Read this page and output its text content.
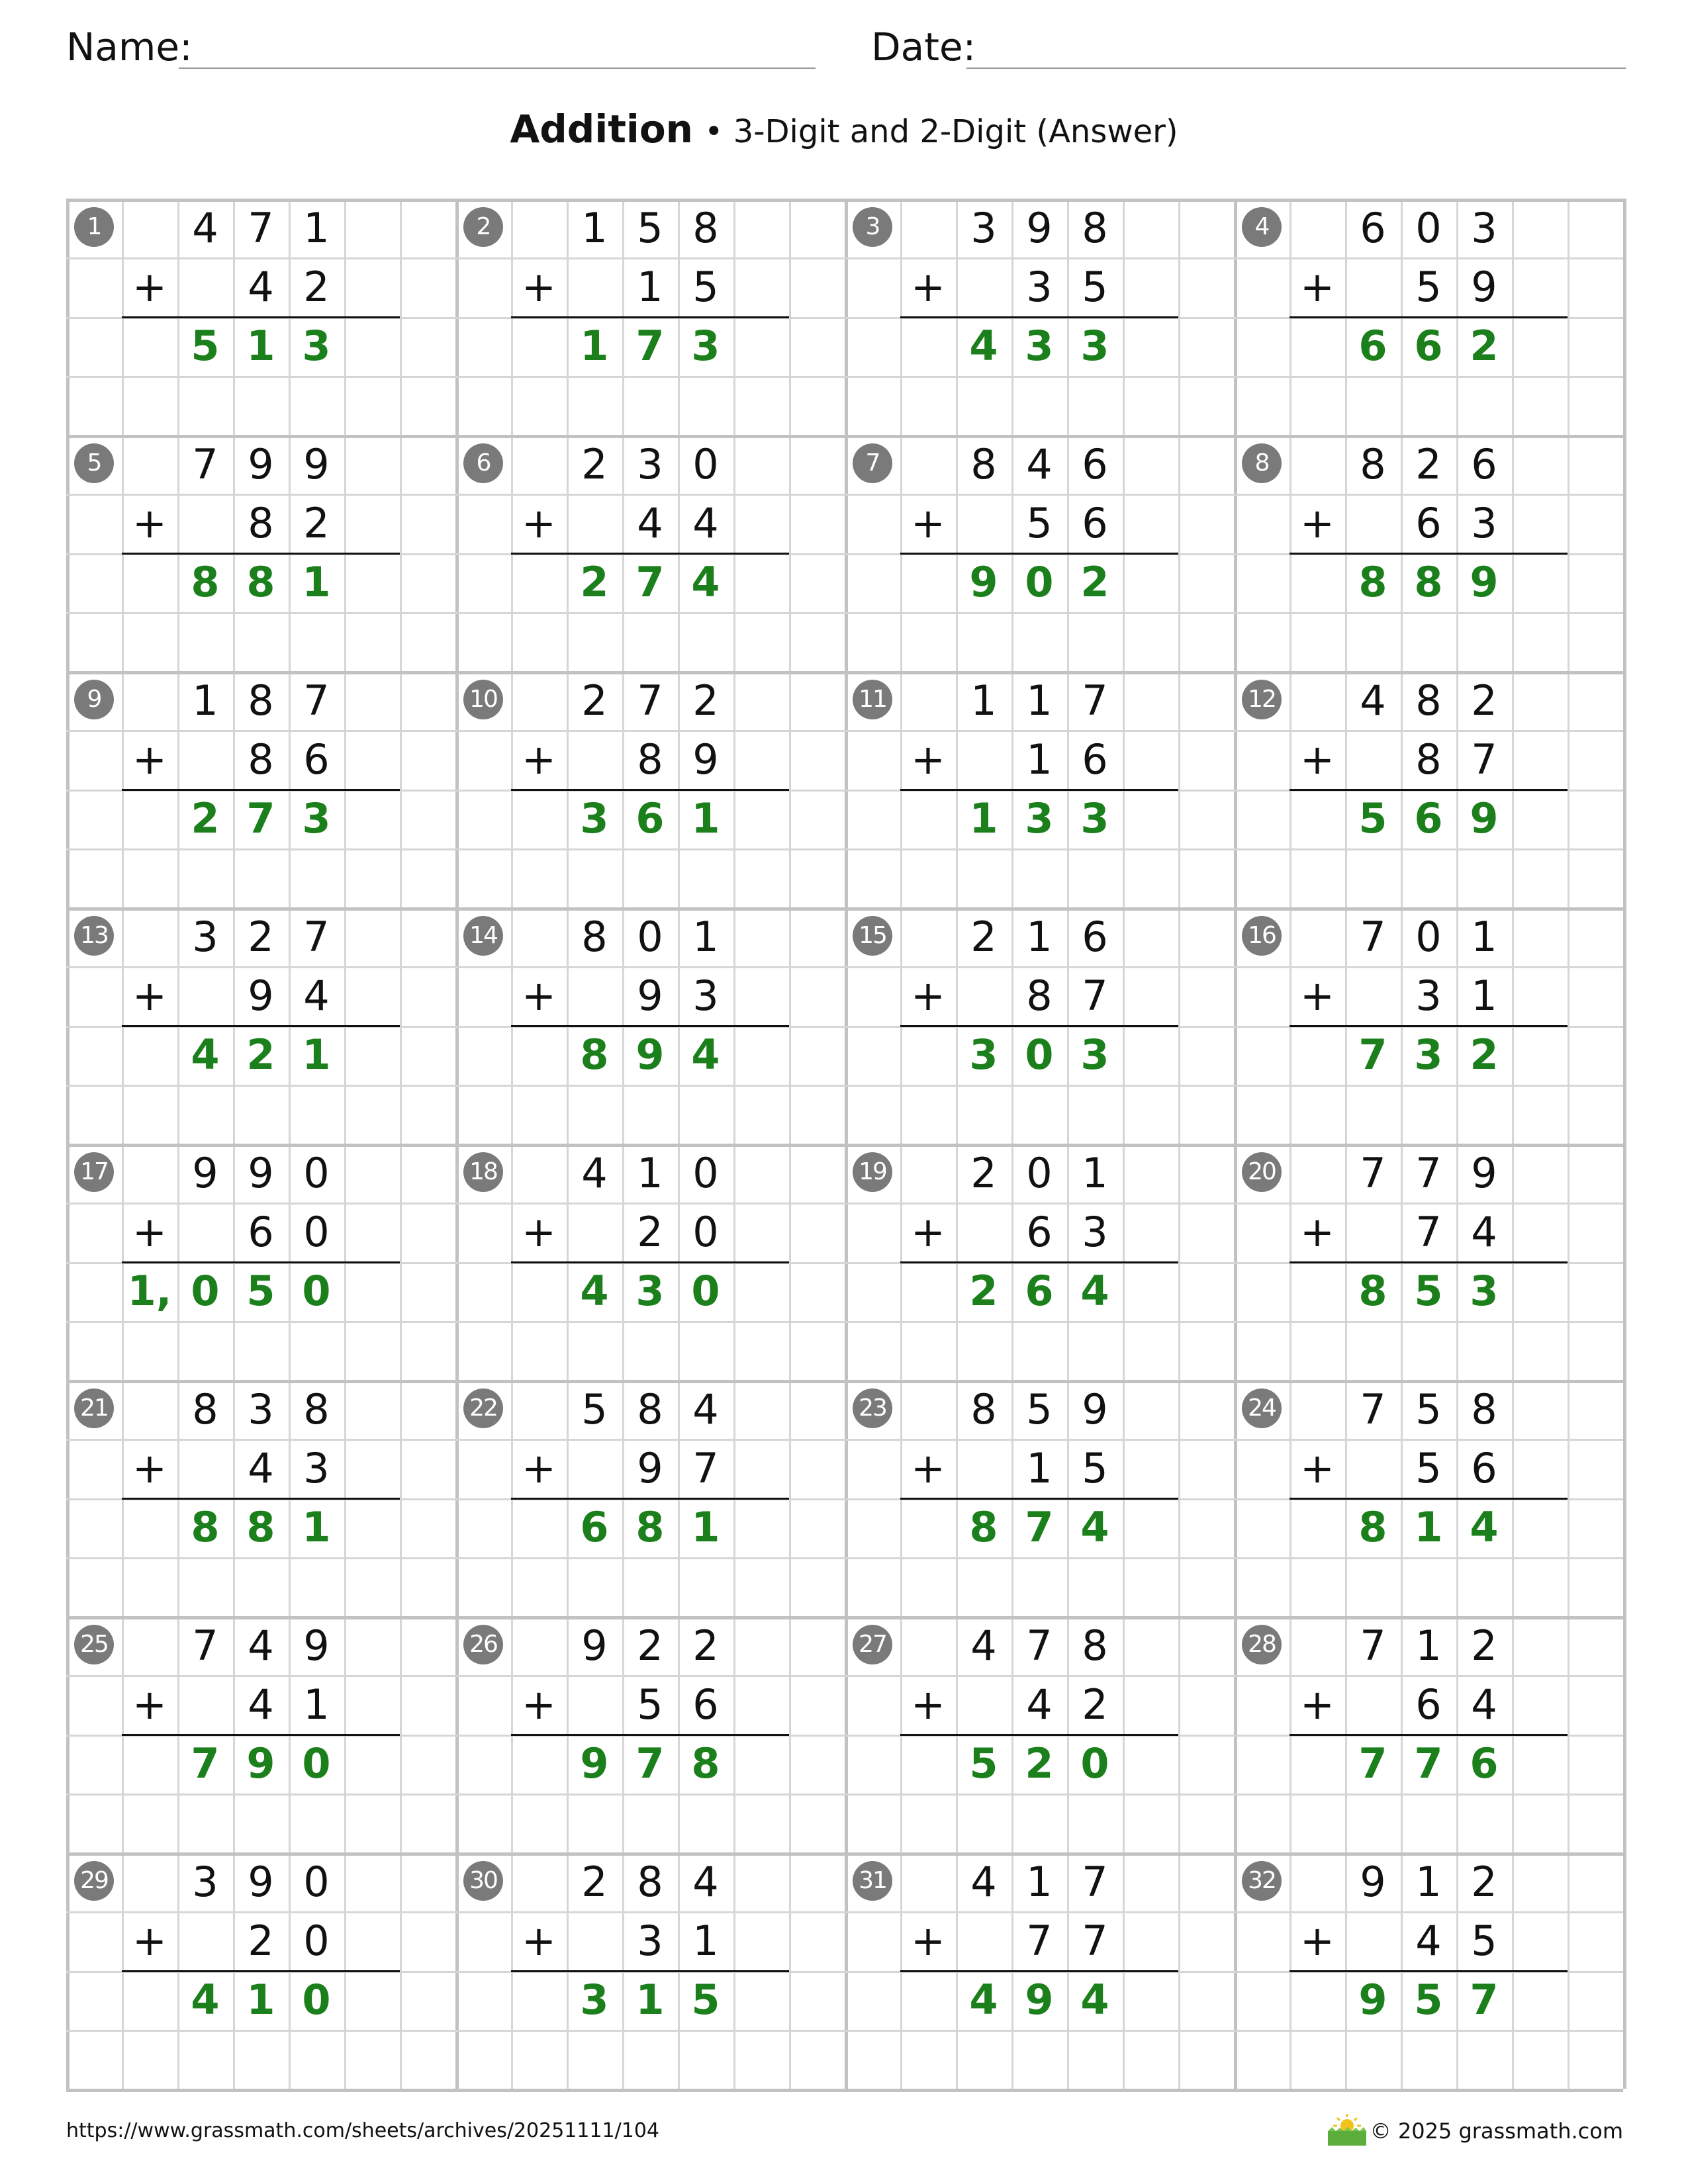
Name:	Date:
Addition • 3-Digit and 2-Digit (Answer)
1	4 7 1
+	4 2
5 1 3
2	1 5 8
+	1 5
1 7 3
3	3 9 8
+	3 5
4 3 3
4	6 0 3
+	5 9
6 6 2
5	7 9 9
+	8 2
8 8 1
6	2 3 0
+	4 4
2 7 4
7	8 4 6
+	5 6
9 0 2
8	8 2 6
+	6 3
8 8 9
9	1 8 7
+	8 6
2 7 3
10	2 7 2
+	8 9
3 6 1
11	1 1 7
+	1 6
1 3 3
12	4 8 2
+	8 7
5 6 9
13	3 2 7
+	9 4
4 2 1
14	8 0 1
+	9 3
8 9 4
15	2 1 6
+	8 7
3 0 3
16	7 0 1
+	3 1
7 3 2
17	9 9 0
+	6 0
1, 0 5 0
18	4 1 0
+	2 0
4 3 0
19	2 0 1
+	6 3
2 6 4
20	7 7 9
+	7 4
8 5 3
21	8 3 8
+	4 3
8 8 1
22	5 8 4
+	9 7
6 8 1
23	8 5 9
+	1 5
8 7 4
24	7 5 8
+	5 6
8 1 4
25	7 4 9
+	4 1
7 9 0
26	9 2 2
+	5 6
9 7 8
27	4 7 8
+	4 2
5 2 0
28	7 1 2
+	6 4
7 7 6
29	3 9 0
+	2 0
4 1 0
30	2 8 4
+	3 1
3 1 5
31	4 1 7
+	7 7
4 9 4
32	9 1 2
+	4 5
9 5 7
https://www.grassmath.com/sheets/archives/20251111/104	© 2025 grassmath.com
